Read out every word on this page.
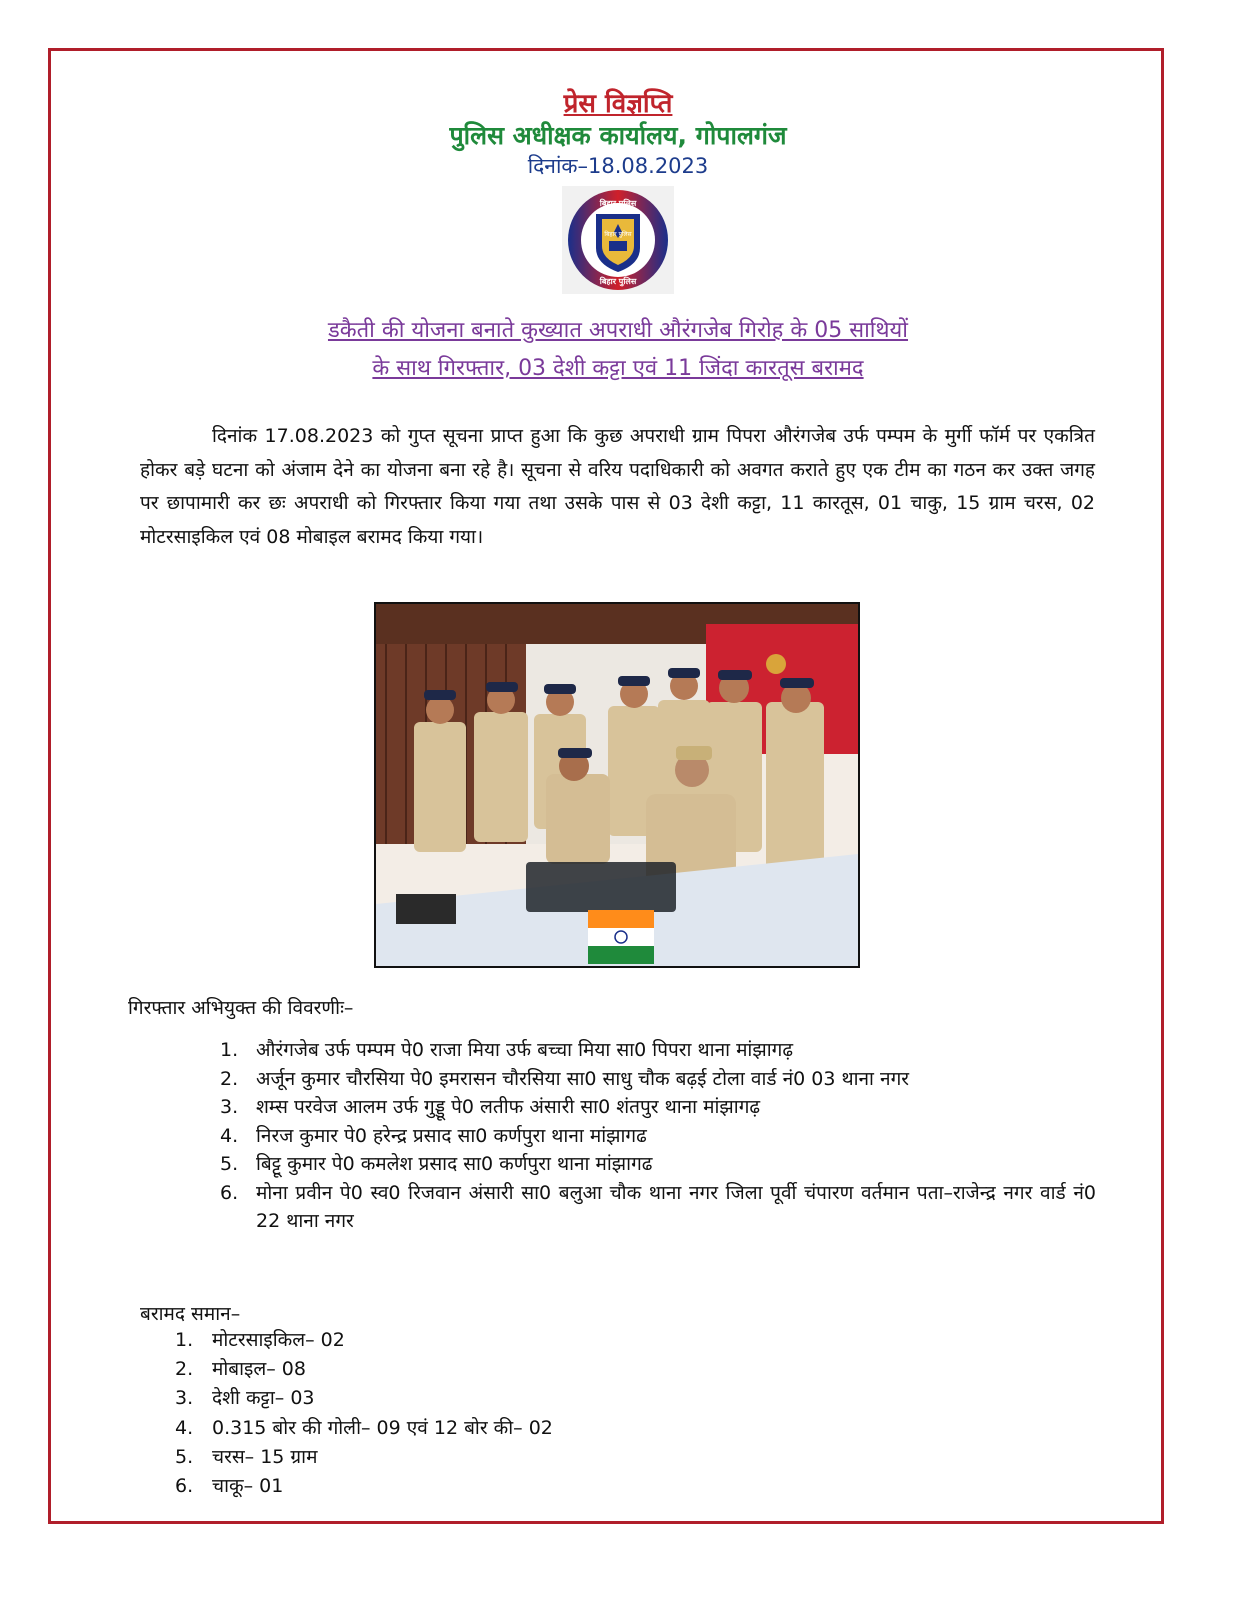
प्रेस विज्ञप्ति
पुलिस अधीक्षक कार्यालय, गोपालगंज
दिनांक–18.08.2023
बिहार पुलिस
बिहार पुलिस
बिहार पुलिस
डकैती की योजना बनाते कुख्यात अपराधी औरंगजेब गिरोह के 05 साथियों
के साथ गिरफ्तार, 03 देशी कट्टा एवं 11 जिंदा कारतूस बरामद

दिनांक 17.08.2023 को गुप्त सूचना प्राप्त हुआ कि कुछ अपराधी ग्राम पिपरा औरंगजेब उर्फ पम्पम के मुर्गी फॉर्म पर एकत्रित होकर बड़े घटना को अंजाम देने का योजना बना रहे है। सूचना से वरिय पदाधिकारी को अवगत कराते हुए एक टीम का गठन कर उक्त जगह पर छापामारी कर छः अपराधी को गिरफ्तार किया गया तथा उसके पास से 03 देशी कट्टा, 11 कारतूस, 01 चाकु, 15 ग्राम चरस, 02 मोटरसाइकिल एवं 08 मोबाइल बरामद किया गया।

गिरफ्तार अभियुक्त की विवरणीः–
1. औरंगजेब उर्फ पम्पम पे0 राजा मिया उर्फ बच्चा मिया सा0 पिपरा थाना मांझागढ़
2. अर्जून कुमार चौरसिया पे0 इमरासन चौरसिया सा0 साधु चौक बढ़ई टोला वार्ड नं0 03 थाना नगर
3. शम्स परवेज आलम उर्फ गुड्डू पे0 लतीफ अंसारी सा0 शंतपुर थाना मांझागढ़
4. निरज कुमार पे0 हरेन्द्र प्रसाद सा0 कर्णपुरा थाना मांझागढ
5. बिट्टू कुमार पे0 कमलेश प्रसाद सा0 कर्णपुरा थाना मांझागढ
6. मोना प्रवीन पे0 स्व0 रिजवान अंसारी सा0 बलुआ चौक थाना नगर जिला पूर्वी चंपारण वर्तमान पता–राजेन्द्र नगर वार्ड नं0 22 थाना नगर
बरामद समान–
1. मोटरसाइकिल– 02
2. मोबाइल– 08
3. देशी कट्टा– 03
4. 0.315 बोर की गोली– 09 एवं 12 बोर की– 02
5. चरस– 15 ग्राम
6. चाकू– 01
